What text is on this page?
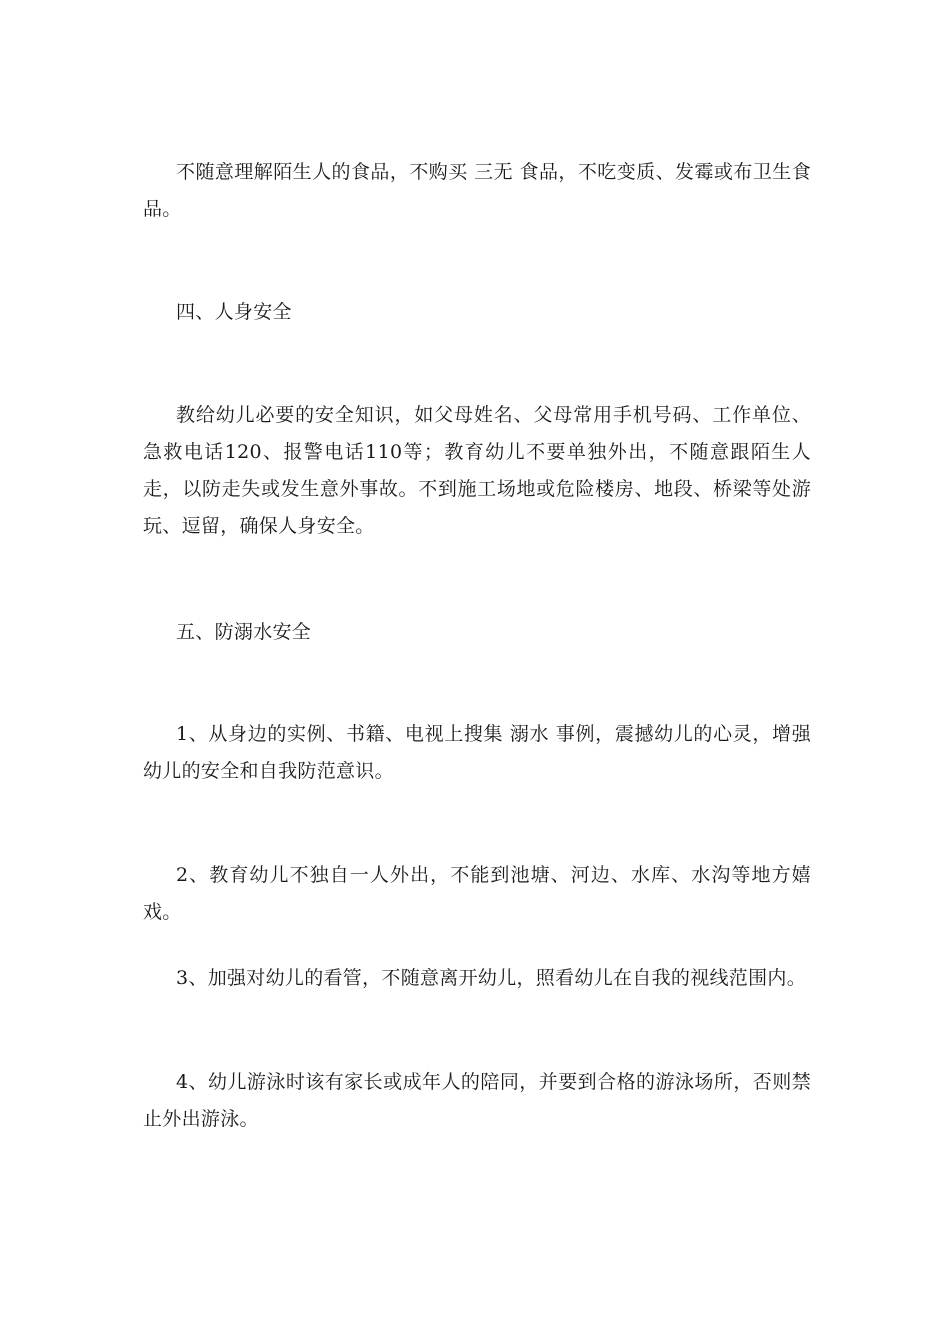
不随意理解陌生人的食品，不购买 三无 食品，不吃变质、发霉或布卫生食品。

四、人身安全

教给幼儿必要的安全知识，如父母姓名、父母常用手机号码、工作单位、急救电话120、报警电话110等；教育幼儿不要单独外出，不随意跟陌生人走，以防走失或发生意外事故。不到施工场地或危险楼房、地段、桥梁等处游玩、逗留，确保人身安全。

五、防溺水安全

1、从身边的实例、书籍、电视上搜集 溺水 事例，震撼幼儿的心灵，增强幼儿的安全和自我防范意识。

2、教育幼儿不独自一人外出，不能到池塘、河边、水库、水沟等地方嬉戏。

3、加强对幼儿的看管，不随意离开幼儿，照看幼儿在自我的视线范围内。

4、幼儿游泳时该有家长或成年人的陪同，并要到合格的游泳场所，否则禁止外出游泳。
